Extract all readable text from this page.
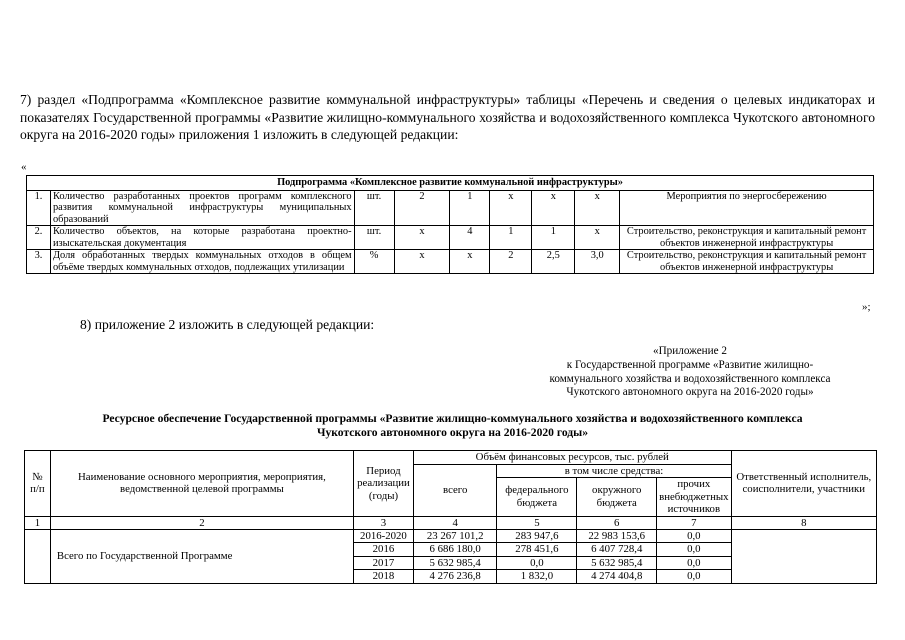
7) раздел «Подпрограмма «Комплексное развитие коммунальной инфраструктуры» таблицы «Перечень и сведения о целевых индикаторах и показателях Государственной программы «Развитие жилищно-коммунального хозяйства и водохозяйственного комплекса Чукотского автономного округа на 2016-2020 годы» приложения 1 изложить в следующей редакции:
«
Подпрограмма «Комплексное развитие коммунальной инфраструктуры»								
1.	Количество разработанных проектов программ комплексного развития коммунальной инфраструктуры муниципальных образований	шт.	2	1	х	х	х	Мероприятия по энергосбережению
2.	Количество объектов, на которые разработана проектно-изыскательская документация	шт.	х	4	1	1	х	Строительство, реконструкция и капитальный ремонт объектов инженерной инфраструктуры
3.	Доля обработанных твердых коммунальных отходов в общем объёме твердых коммунальных отходов, подлежащих утилизации	%	х	х	2	2,5	3,0	Строительство, реконструкция и капитальный ремонт объектов инженерной инфраструктуры
»;
8) приложение 2 изложить в следующей редакции:
«Приложение 2
к Государственной программе «Развитие жилищно-
коммунального хозяйства и водохозяйственного комплекса
Чукотского автономного округа на 2016-2020 годы»
Ресурсное обеспечение Государственной программы «Развитие жилищно-коммунального хозяйства и водохозяйственного комплекса
Чукотского автономного округа на 2016-2020 годы»
№ п/п	Наименование основного мероприятия, мероприятия, ведомственной целевой программы	Период реализации (годы)	Объём финансовых ресурсов, тыс. рублей				Ответственный исполнитель, соисполнители, участники
			всего	в том числе средства:			
				федерального бюджета	окружного бюджета	прочих внебюджетных источников	
1	2	3	4	5	6	7	8
	Всего по Государственной Программе	2016-2020	23 267 101,2	283 947,6	22 983 153,6	0,0	
		2016	6 686 180,0	278 451,6	6 407 728,4	0,0	
		2017	5 632 985,4	0,0	5 632 985,4	0,0	
		2018	4 276 236,8	1 832,0	4 274 404,8	0,0	
